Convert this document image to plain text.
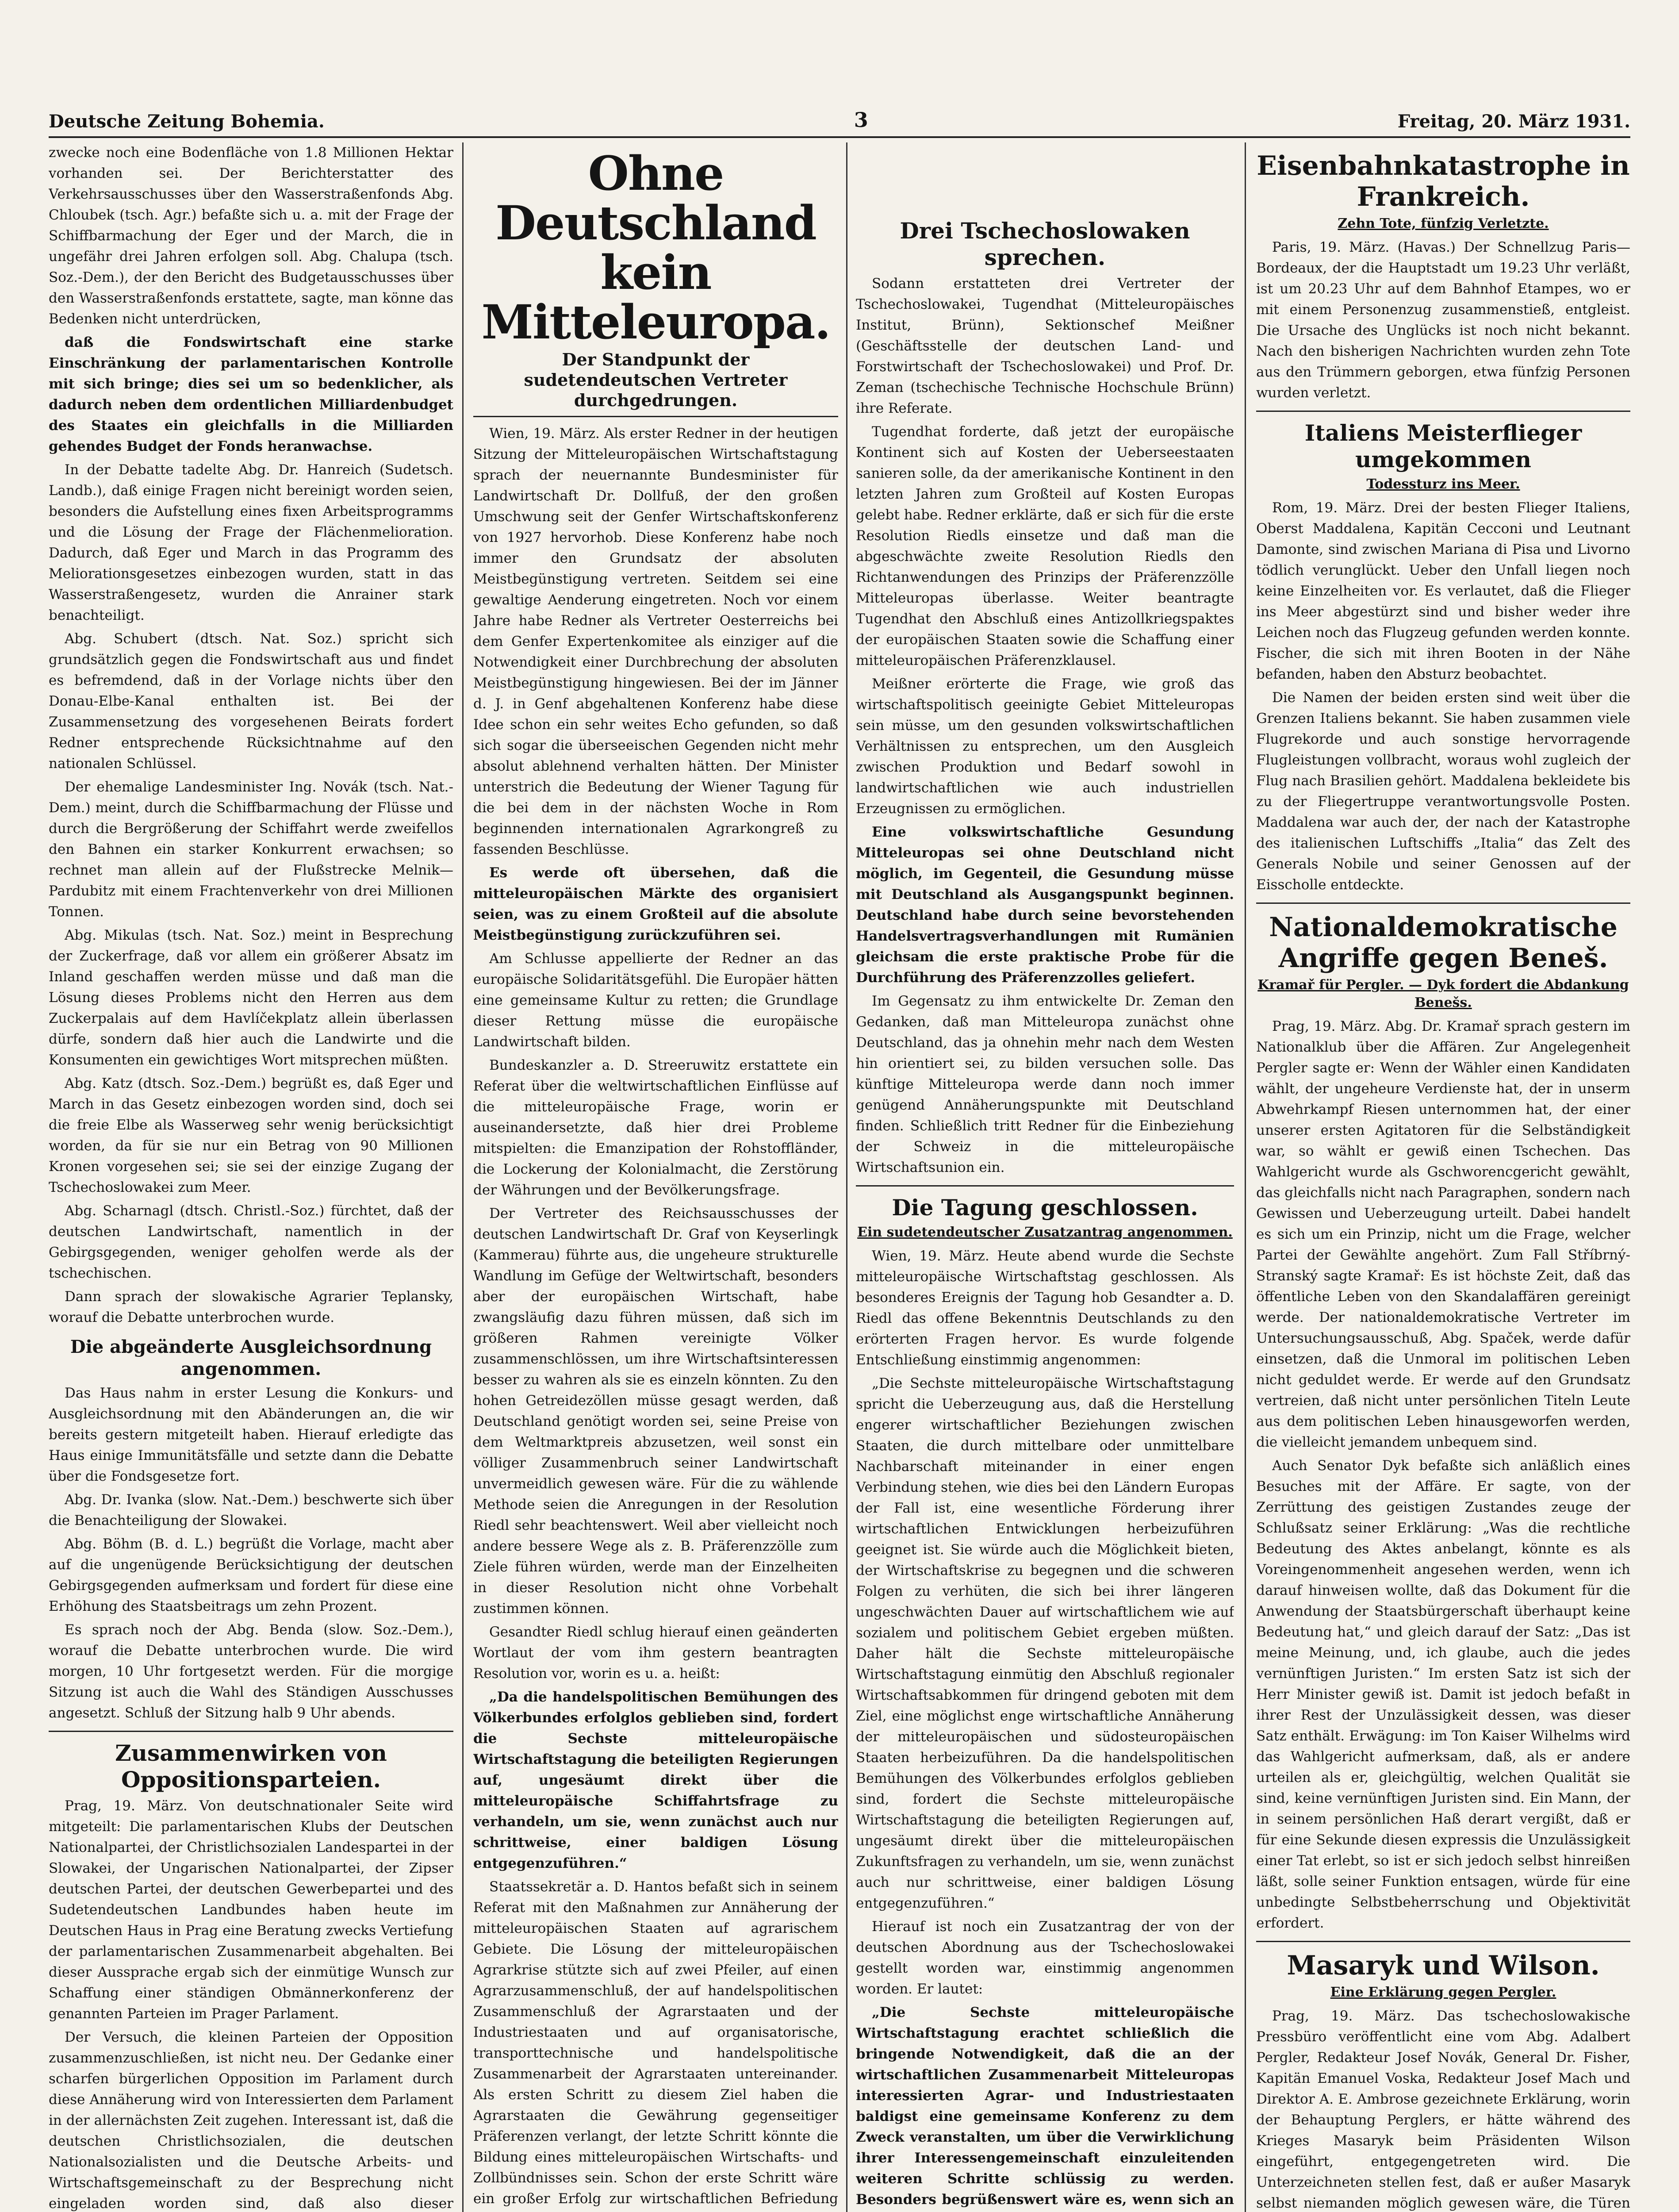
Deutsche Zeitung Bohemia.	3	Freitag, 20. März 1931.

zwecke noch eine Bodenfläche von 1.8 Millionen Hektar vorhanden sei. Der Berichterstatter des Verkehrsausschusses über den Wasserstraßenfonds Abg. Chloubek (tsch. Agr.) befaßte sich u. a. mit der Frage der Schiffbarmachung der Eger und der March, die in ungefähr drei Jahren erfolgen soll. Abg. Chalupa (tsch. Soz.-Dem.), der den Bericht des Budgetausschusses über den Wasserstraßenfonds erstattete, sagte, man könne das Bedenken nicht unterdrücken,

daß die Fondswirtschaft eine starke Einschränkung der parlamentarischen Kontrolle mit sich bringe; dies sei um so bedenklicher, als dadurch neben dem ordentlichen Milliardenbudget des Staates ein gleichfalls in die Milliarden gehendes Budget der Fonds heranwachse.

In der Debatte tadelte Abg. Dr. Hanreich (Sudetsch. Landb.), daß einige Fragen nicht bereinigt worden seien, besonders die Aufstellung eines fixen Arbeitsprogramms und die Lösung der Frage der Flächenmelioration. Dadurch, daß Eger und March in das Programm des Meliorationsgesetzes einbezogen wurden, statt in das Wasserstraßengesetz, wurden die Anrainer stark benachteiligt.

Abg. Schubert (dtsch. Nat. Soz.) spricht sich grundsätzlich gegen die Fondswirtschaft aus und findet es befremdend, daß in der Vorlage nichts über den Donau-Elbe-Kanal enthalten ist. Bei der Zusammensetzung des vorgesehenen Beirats fordert Redner entsprechende Rücksichtnahme auf den nationalen Schlüssel.

Der ehemalige Landesminister Ing. Novák (tsch. Nat.-Dem.) meint, durch die Schiffbarmachung der Flüsse und durch die Bergrößerung der Schiffahrt werde zweifellos den Bahnen ein starker Konkurrent erwachsen; so rechnet man allein auf der Flußstrecke Melnik—Pardubitz mit einem Frachtenverkehr von drei Millionen Tonnen.

Abg. Mikulas (tsch. Nat. Soz.) meint in Besprechung der Zuckerfrage, daß vor allem ein größerer Absatz im Inland geschaffen werden müsse und daß man die Lösung dieses Problems nicht den Herren aus dem Zuckerpalais auf dem Havlíčekplatz allein überlassen dürfe, sondern daß hier auch die Landwirte und die Konsumenten ein gewichtiges Wort mitsprechen müßten.

Abg. Katz (dtsch. Soz.-Dem.) begrüßt es, daß Eger und March in das Gesetz einbezogen worden sind, doch sei die freie Elbe als Wasserweg sehr wenig berücksichtigt worden, da für sie nur ein Betrag von 90 Millionen Kronen vorgesehen sei; sie sei der einzige Zugang der Tschechoslowakei zum Meer.

Abg. Scharnagl (dtsch. Christl.-Soz.) fürchtet, daß der deutschen Landwirtschaft, namentlich in der Gebirgsgegenden, weniger geholfen werde als der tschechischen.

Dann sprach der slowakische Agrarier Teplansky, worauf die Debatte unterbrochen wurde.

Die abgeänderte Ausgleichsordnung angenommen.

Das Haus nahm in erster Lesung die Konkurs- und Ausgleichsordnung mit den Abänderungen an, die wir bereits gestern mitgeteilt haben. Hierauf erledigte das Haus einige Immunitätsfälle und setzte dann die Debatte über die Fondsgesetze fort.

Abg. Dr. Ivanka (slow. Nat.-Dem.) beschwerte sich über die Benachteiligung der Slowakei.

Abg. Böhm (B. d. L.) begrüßt die Vorlage, macht aber auf die ungenügende Berücksichtigung der deutschen Gebirgsgegenden aufmerksam und fordert für diese eine Erhöhung des Staatsbeitrags um zehn Prozent.

Es sprach noch der Abg. Benda (slow. Soz.-Dem.), worauf die Debatte unterbrochen wurde. Die wird morgen, 10 Uhr fortgesetzt werden. Für die morgige Sitzung ist auch die Wahl des Ständigen Ausschusses angesetzt. Schluß der Sitzung halb 9 Uhr abends.

Zusammenwirken von Oppositionsparteien.

Prag, 19. März. Von deutschnationaler Seite wird mitgeteilt: Die parlamentarischen Klubs der Deutschen Nationalpartei, der Christlichsozialen Landespartei in der Slowakei, der Ungarischen Nationalpartei, der Zipser deutschen Partei, der deutschen Gewerbepartei und des Sudetendeutschen Landbundes haben heute im Deutschen Haus in Prag eine Beratung zwecks Vertiefung der parlamentarischen Zusammenarbeit abgehalten. Bei dieser Aussprache ergab sich der einmütige Wunsch zur Schaffung einer ständigen Obmännerkonferenz der genannten Parteien im Prager Parlament.

Der Versuch, die kleinen Parteien der Opposition zusammenzuschließen, ist nicht neu. Der Gedanke einer scharfen bürgerlichen Opposition im Parlament durch diese Annäherung wird von Interessierten dem Parlament in der allernächsten Zeit zugehen. Interessant ist, daß die deutschen Christlichsozialen, die deutschen Nationalsozialisten und die Deutsche Arbeits- und Wirtschaftsgemeinschaft zu der Besprechung nicht eingeladen worden sind, daß also dieser

Ohne Deutschland kein Mitteleuropa.
Der Standpunkt der sudetendeutschen Vertreter durchgedrungen.

Wien, 19. März. Als erster Redner in der heutigen Sitzung der Mitteleuropäischen Wirtschaftstagung sprach der neuernannte Bundesminister für Landwirtschaft Dr. Dollfuß, der den großen Umschwung seit der Genfer Wirtschaftskonferenz von 1927 hervorhob. Diese Konferenz habe noch immer den Grundsatz der absoluten Meistbegünstigung vertreten. Seitdem sei eine gewaltige Aenderung eingetreten. Noch vor einem Jahre habe Redner als Vertreter Oesterreichs bei dem Genfer Expertenkomitee als einziger auf die Notwendigkeit einer Durchbrechung der absoluten Meistbegünstigung hingewiesen. Bei der im Jänner d. J. in Genf abgehaltenen Konferenz habe diese Idee schon ein sehr weites Echo gefunden, so daß sich sogar die überseeischen Gegenden nicht mehr absolut ablehnend verhalten hätten. Der Minister unterstrich die Bedeutung der Wiener Tagung für die bei dem in der nächsten Woche in Rom beginnenden internationalen Agrarkongreß zu fassenden Beschlüsse.

Es werde oft übersehen, daß die mitteleuropäischen Märkte des organisiert seien, was zu einem Großteil auf die absolute Meistbegünstigung zurückzuführen sei.

Am Schlusse appellierte der Redner an das europäische Solidaritätsgefühl. Die Europäer hätten eine gemeinsame Kultur zu retten; die Grundlage dieser Rettung müsse die europäische Landwirtschaft bilden.

Bundeskanzler a. D. Streeruwitz erstattete ein Referat über die weltwirtschaftlichen Einflüsse auf die mitteleuropäische Frage, worin er auseinandersetzte, daß hier drei Probleme mitspielten: die Emanzipation der Rohstoffländer, die Lockerung der Kolonialmacht, die Zerstörung der Währungen und der Bevölkerungsfrage.

Der Vertreter des Reichsausschusses der deutschen Landwirtschaft Dr. Graf von Keyserlingk (Kammerau) führte aus, die ungeheure strukturelle Wandlung im Gefüge der Weltwirtschaft, besonders aber der europäischen Wirtschaft, habe zwangsläufig dazu führen müssen, daß sich im größeren Rahmen vereinigte Völker zusammenschlössen, um ihre Wirtschaftsinteressen besser zu wahren als sie es einzeln könnten. Zu den hohen Getreidezöllen müsse gesagt werden, daß Deutschland genötigt worden sei, seine Preise von dem Weltmarktpreis abzusetzen, weil sonst ein völliger Zusammenbruch seiner Landwirtschaft unvermeidlich gewesen wäre. Für die zu wählende Methode seien die Anregungen in der Resolution Riedl sehr beachtenswert. Weil aber vielleicht noch andere bessere Wege als z. B. Präferenzzölle zum Ziele führen würden, werde man der Einzelheiten in dieser Resolution nicht ohne Vorbehalt zustimmen können.

Gesandter Riedl schlug hierauf einen geänderten Wortlaut der vom ihm gestern beantragten Resolution vor, worin es u. a. heißt:

„Da die handelspolitischen Bemühungen des Völkerbundes erfolglos geblieben sind, fordert die Sechste mitteleuropäische Wirtschaftstagung die beteiligten Regierungen auf, ungesäumt direkt über die mitteleuropäische Schiffahrtsfrage zu verhandeln, um sie, wenn zunächst auch nur schrittweise, einer baldigen Lösung entgegenzuführen.“

Staatssekretär a. D. Hantos befaßt sich in seinem Referat mit den Maßnahmen zur Annäherung der mitteleuropäischen Staaten auf agrarischem Gebiete. Die Lösung der mitteleuropäischen Agrarkrise stützte sich auf zwei Pfeiler, auf einen Agrarzusammenschluß, der auf handelspolitischen Zusammenschluß der Agrarstaaten und der Industriestaaten und auf organisatorische, transporttechnische und handelspolitische Zusammenarbeit der Agrarstaaten untereinander. Als ersten Schritt zu diesem Ziel haben die Agrarstaaten die Gewährung gegenseitiger Präferenzen verlangt, der letzte Schritt könnte die Bildung eines mitteleuropäischen Wirtschafts- und Zollbündnisses sein. Schon der erste Schritt wäre ein großer Erfolg zur wirtschaftlichen Befriedung

Drei Tschechoslowaken sprechen.

Sodann erstatteten drei Vertreter der Tschechoslowakei, Tugendhat (Mitteleuropäisches Institut, Brünn), Sektionschef Meißner (Geschäftsstelle der deutschen Land- und Forstwirtschaft der Tschechoslowakei) und Prof. Dr. Zeman (tschechische Technische Hochschule Brünn) ihre Referate.

Tugendhat forderte, daß jetzt der europäische Kontinent sich auf Kosten der Ueberseestaaten sanieren solle, da der amerikanische Kontinent in den letzten Jahren zum Großteil auf Kosten Europas gelebt habe. Redner erklärte, daß er sich für die erste Resolution Riedls einsetze und daß man die abgeschwächte zweite Resolution Riedls den Richtanwendungen des Prinzips der Präferenzzölle Mitteleuropas überlasse. Weiter beantragte Tugendhat den Abschluß eines Antizollkriegspaktes der europäischen Staaten sowie die Schaffung einer mitteleuropäischen Präferenzklausel.

Meißner erörterte die Frage, wie groß das wirtschaftspolitisch geeinigte Gebiet Mitteleuropas sein müsse, um den gesunden volkswirtschaftlichen Verhältnissen zu entsprechen, um den Ausgleich zwischen Produktion und Bedarf sowohl in landwirtschaftlichen wie auch industriellen Erzeugnissen zu ermöglichen.

Eine volkswirtschaftliche Gesundung Mitteleuropas sei ohne Deutschland nicht möglich, im Gegenteil, die Gesundung müsse mit Deutschland als Ausgangspunkt beginnen. Deutschland habe durch seine bevorstehenden Handelsvertragsverhandlungen mit Rumänien gleichsam die erste praktische Probe für die Durchführung des Präferenzzolles geliefert.

Im Gegensatz zu ihm entwickelte Dr. Zeman den Gedanken, daß man Mitteleuropa zunächst ohne Deutschland, das ja ohnehin mehr nach dem Westen hin orientiert sei, zu bilden versuchen solle. Das künftige Mitteleuropa werde dann noch immer genügend Annäherungspunkte mit Deutschland finden. Schließlich tritt Redner für die Einbeziehung der Schweiz in die mitteleuropäische Wirtschaftsunion ein.

Die Tagung geschlossen.
Ein sudetendeutscher Zusatzantrag angenommen.

Wien, 19. März. Heute abend wurde die Sechste mitteleuropäische Wirtschaftstag geschlossen. Als besonderes Ereignis der Tagung hob Gesandter a. D. Riedl das offene Bekenntnis Deutschlands zu den erörterten Fragen hervor. Es wurde folgende Entschließung einstimmig angenommen:

„Die Sechste mitteleuropäische Wirtschaftstagung spricht die Ueberzeugung aus, daß die Herstellung engerer wirtschaftlicher Beziehungen zwischen Staaten, die durch mittelbare oder unmittelbare Nachbarschaft miteinander in einer engen Verbindung stehen, wie dies bei den Ländern Europas der Fall ist, eine wesentliche Förderung ihrer wirtschaftlichen Entwicklungen herbeizuführen geeignet ist. Sie würde auch die Möglichkeit bieten, der Wirtschaftskrise zu begegnen und die schweren Folgen zu verhüten, die sich bei ihrer längeren ungeschwächten Dauer auf wirtschaftlichem wie auf sozialem und politischem Gebiet ergeben müßten. Daher hält die Sechste mitteleuropäische Wirtschaftstagung einmütig den Abschluß regionaler Wirtschaftsabkommen für dringend geboten mit dem Ziel, eine möglichst enge wirtschaftliche Annäherung der mitteleuropäischen und südosteuropäischen Staaten herbeizuführen. Da die handelspolitischen Bemühungen des Völkerbundes erfolglos geblieben sind, fordert die Sechste mitteleuropäische Wirtschaftstagung die beteiligten Regierungen auf, ungesäumt direkt über die mitteleuropäischen Zukunftsfragen zu verhandeln, um sie, wenn zunächst auch nur schrittweise, einer baldigen Lösung entgegenzuführen.“

Hierauf ist noch ein Zusatzantrag der von der deutschen Abordnung aus der Tschechoslowakei gestellt worden war, einstimmig angenommen worden. Er lautet:

„Die Sechste mitteleuropäische Wirtschaftstagung erachtet schließlich die bringende Notwendigkeit, daß die an der wirtschaftlichen Zusammenarbeit Mitteleuropas interessierten Agrar- und Industriestaaten baldigst eine gemeinsame Konferenz zu dem Zweck veranstalten, um über die Verwirklichung ihrer Interessengemeinschaft einzuleitenden weiteren Schritte schlüssig zu werden. Besonders begrüßenswert wäre es, wenn sich an

Eisenbahnkatastrophe in Frankreich.
Zehn Tote, fünfzig Verletzte.

Paris, 19. März. (Havas.) Der Schnellzug Paris—Bordeaux, der die Hauptstadt um 19.23 Uhr verläßt, ist um 20.23 Uhr auf dem Bahnhof Etampes, wo er mit einem Personenzug zusammenstieß, entgleist. Die Ursache des Unglücks ist noch nicht bekannt. Nach den bisherigen Nachrichten wurden zehn Tote aus den Trümmern geborgen, etwa fünfzig Personen wurden verletzt.

Italiens Meisterflieger umgekommen
Todessturz ins Meer.

Rom, 19. März. Drei der besten Flieger Italiens, Oberst Maddalena, Kapitän Cecconi und Leutnant Damonte, sind zwischen Mariana di Pisa und Livorno tödlich verunglückt. Ueber den Unfall liegen noch keine Einzelheiten vor. Es verlautet, daß die Flieger ins Meer abgestürzt sind und bisher weder ihre Leichen noch das Flugzeug gefunden werden konnte. Fischer, die sich mit ihren Booten in der Nähe befanden, haben den Absturz beobachtet.

Die Namen der beiden ersten sind weit über die Grenzen Italiens bekannt. Sie haben zusammen viele Flugrekorde und auch sonstige hervorragende Flugleistungen vollbracht, woraus wohl zugleich der Flug nach Brasilien gehört. Maddalena bekleidete bis zu der Fliegertruppe verantwortungsvolle Posten. Maddalena war auch der, der nach der Katastrophe des italienischen Luftschiffs „Italia“ das Zelt des Generals Nobile und seiner Genossen auf der Eisscholle entdeckte.

Nationaldemokratische Angriffe gegen Beneš.
Kramař für Pergler. — Dyk fordert die Abdankung Benešs.

Prag, 19. März. Abg. Dr. Kramař sprach gestern im Nationalklub über die Affären. Zur Angelegenheit Pergler sagte er: Wenn der Wähler einen Kandidaten wählt, der ungeheure Verdienste hat, der in unserm Abwehrkampf Riesen unternommen hat, der einer unserer ersten Agitatoren für die Selbständigkeit war, so wählt er gewiß einen Tschechen. Das Wahlgericht wurde als Gschworencgericht gewählt, das gleichfalls nicht nach Paragraphen, sondern nach Gewissen und Ueberzeugung urteilt. Dabei handelt es sich um ein Prinzip, nicht um die Frage, welcher Partei der Gewählte angehört. Zum Fall Stříbrný-Stranský sagte Kramař: Es ist höchste Zeit, daß das öffentliche Leben von den Skandalaffären gereinigt werde. Der nationaldemokratische Vertreter im Untersuchungsausschuß, Abg. Spaček, werde dafür einsetzen, daß die Unmoral im politischen Leben nicht geduldet werde. Er werde auf den Grundsatz vertreien, daß nicht unter persönlichen Titeln Leute aus dem politischen Leben hinausgeworfen werden, die vielleicht jemandem unbequem sind.

Auch Senator Dyk befaßte sich anläßlich eines Besuches mit der Affäre. Er sagte, von der Zerrüttung des geistigen Zustandes zeuge der Schlußsatz seiner Erklärung: „Was die rechtliche Bedeutung des Aktes anbelangt, könnte es als Voreingenommenheit angesehen werden, wenn ich darauf hinweisen wollte, daß das Dokument für die Anwendung der Staatsbürgerschaft überhaupt keine Bedeutung hat,“ und gleich darauf der Satz: „Das ist meine Meinung, und, ich glaube, auch die jedes vernünftigen Juristen.“ Im ersten Satz ist sich der Herr Minister gewiß ist. Damit ist jedoch befaßt in ihrer Rest der Unzulässigkeit dessen, was dieser Satz enthält. Erwägung: im Ton Kaiser Wilhelms wird das Wahlgericht aufmerksam, daß, als er andere urteilen als er, gleichgültig, welchen Qualität sie sind, keine vernünftigen Juristen sind. Ein Mann, der in seinem persönlichen Haß derart vergißt, daß er für eine Sekunde diesen expressis die Unzulässigkeit einer Tat erlebt, so ist er sich jedoch selbst hinreißen läßt, solle seiner Funktion entsagen, würde für eine unbedingte Selbstbeherrschung und Objektivität erfordert.

Masaryk und Wilson.
Eine Erklärung gegen Pergler.

Prag, 19. März. Das tschechoslowakische Pressbüro veröffentlicht eine vom Abg. Adalbert Pergler, Redakteur Josef Novák, General Dr. Fisher, Kapitän Emanuel Voska, Redakteur Josef Mach und Direktor A. E. Ambrose gezeichnete Erklärung, worin der Behauptung Perglers, er hätte während des Krieges Masaryk beim Präsidenten Wilson eingeführt, entgegengetreten wird. Die Unterzeichneten stellen fest, daß er außer Masaryk selbst niemanden möglich gewesen wäre, die Türen
